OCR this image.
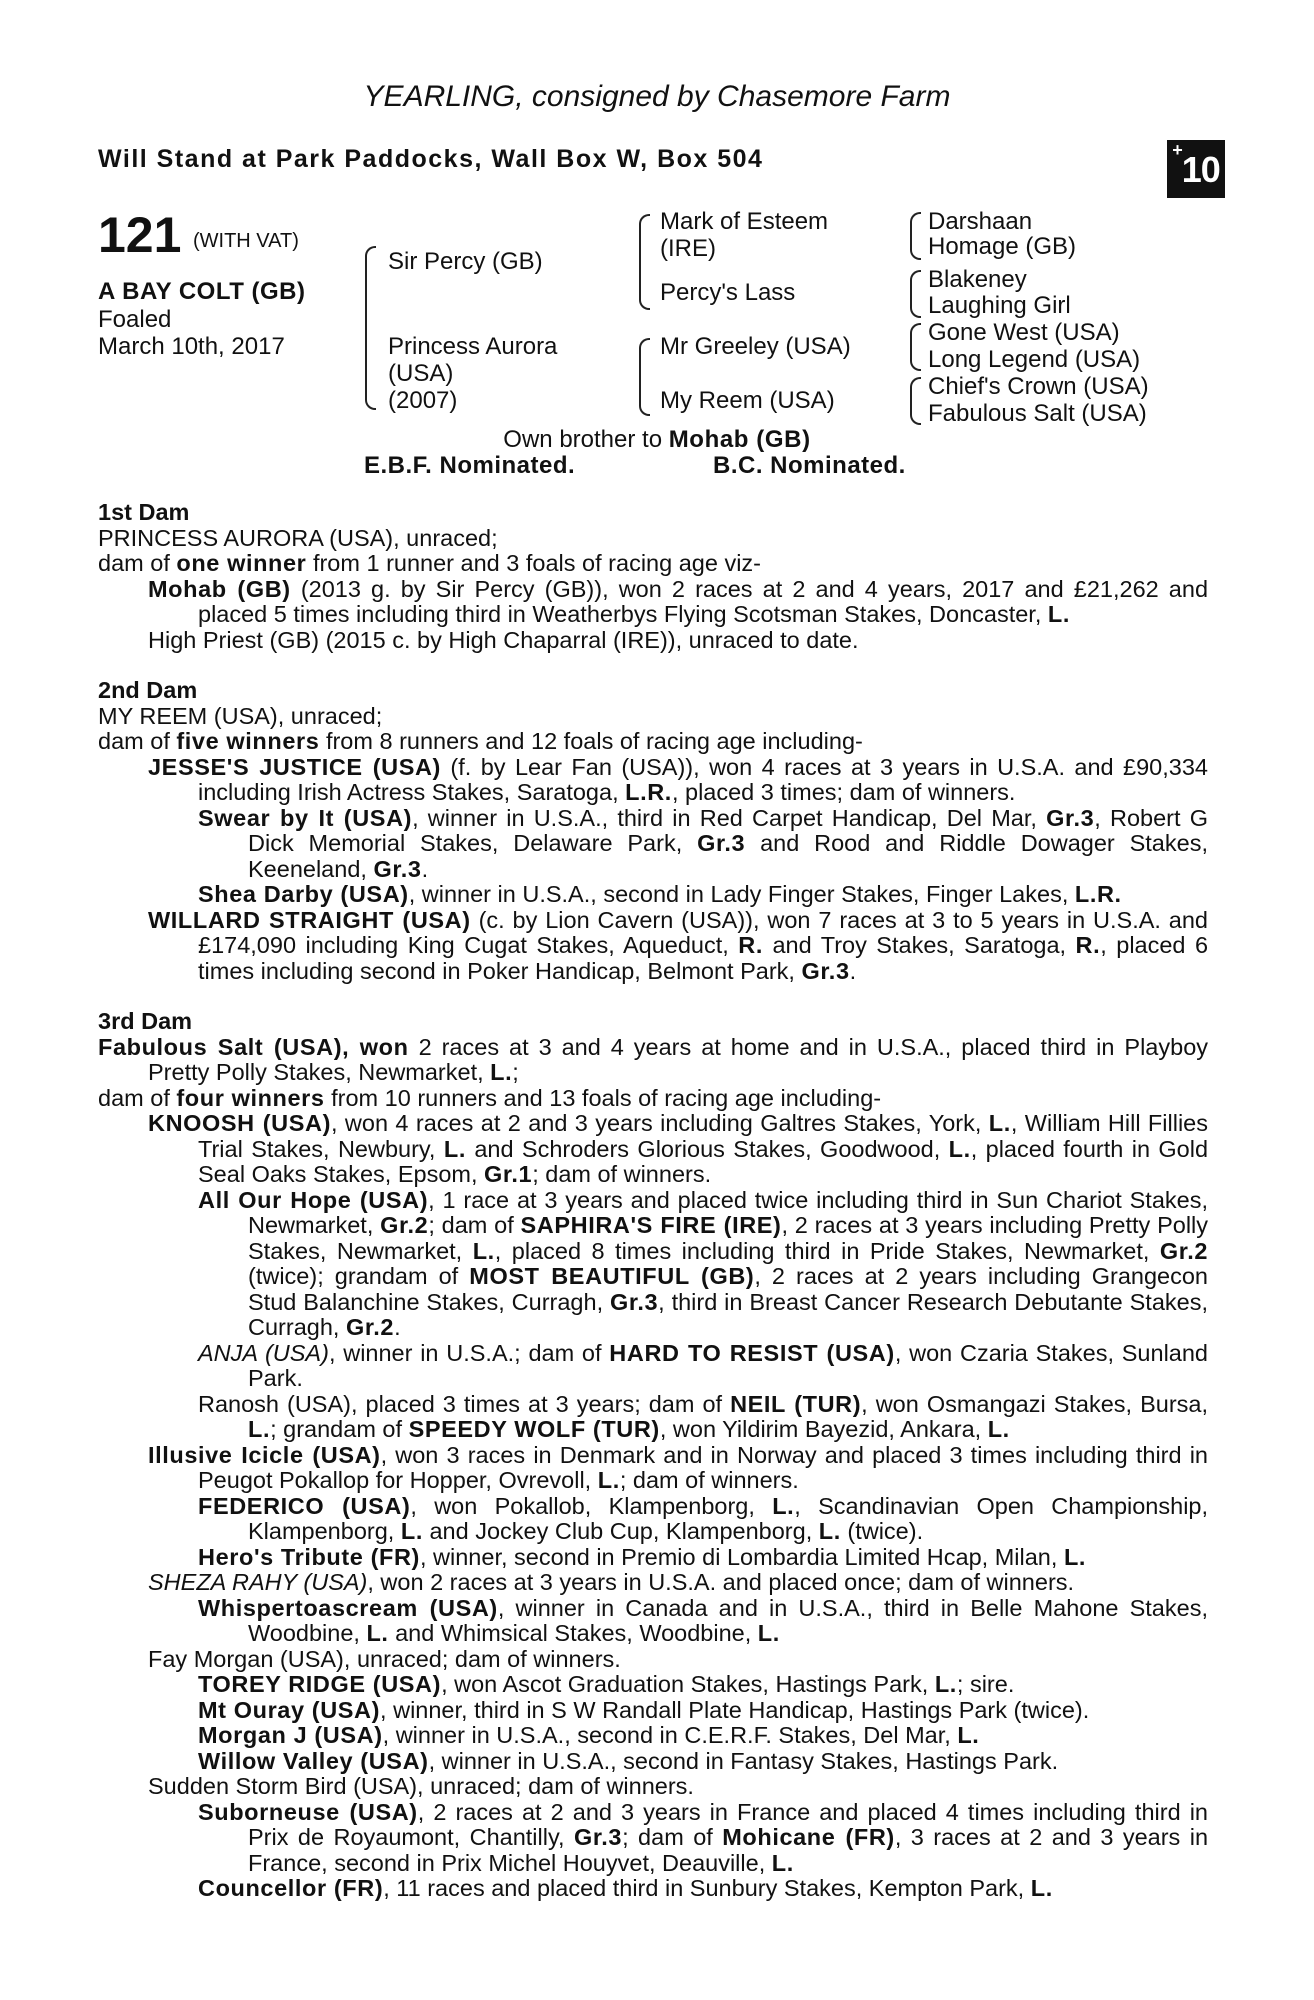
YEARLING, consigned by Chasemore Farm
Will Stand at Park Paddocks, Wall Box W, Box 504	+10
121 (WITH VAT)
A BAY COLT (GB)
Foaled
March 10th, 2017
Sir Percy (GB)
Princess Aurora
(USA)
(2007)
Mark of Esteem
(IRE)
Percy's Lass
Mr Greeley (USA)
My Reem (USA)
Darshaan
Homage (GB)
Blakeney
Laughing Girl
Gone West (USA)
Long Legend (USA)
Chief's Crown (USA)
Fabulous Salt (USA)
Own brother to Mohab (GB)
E.B.F. Nominated.	B.C. Nominated.
1st Dam
PRINCESS AURORA (USA), unraced;
dam of one winner from 1 runner and 3 foals of racing age viz-
Mohab (GB) (2013 g. by Sir Percy (GB)), won 2 races at 2 and 4 years, 2017 and £21,262 and placed 5 times including third in Weatherbys Flying Scotsman Stakes, Doncaster, L.
High Priest (GB) (2015 c. by High Chaparral (IRE)), unraced to date.
2nd Dam
MY REEM (USA), unraced;
dam of five winners from 8 runners and 12 foals of racing age including-
JESSE'S JUSTICE (USA) (f. by Lear Fan (USA)), won 4 races at 3 years in U.S.A. and £90,334 including Irish Actress Stakes, Saratoga, L.R., placed 3 times; dam of winners.
Swear by It (USA), winner in U.S.A., third in Red Carpet Handicap, Del Mar, Gr.3, Robert G Dick Memorial Stakes, Delaware Park, Gr.3 and Rood and Riddle Dowager Stakes, Keeneland, Gr.3.
Shea Darby (USA), winner in U.S.A., second in Lady Finger Stakes, Finger Lakes, L.R.
WILLARD STRAIGHT (USA) (c. by Lion Cavern (USA)), won 7 races at 3 to 5 years in U.S.A. and £174,090 including King Cugat Stakes, Aqueduct, R. and Troy Stakes, Saratoga, R., placed 6 times including second in Poker Handicap, Belmont Park, Gr.3.
3rd Dam
Fabulous Salt (USA), won 2 races at 3 and 4 years at home and in U.S.A., placed third in Playboy Pretty Polly Stakes, Newmarket, L.;
dam of four winners from 10 runners and 13 foals of racing age including-
KNOOSH (USA), won 4 races at 2 and 3 years including Galtres Stakes, York, L., William Hill Fillies Trial Stakes, Newbury, L. and Schroders Glorious Stakes, Goodwood, L., placed fourth in Gold Seal Oaks Stakes, Epsom, Gr.1; dam of winners.
All Our Hope (USA), 1 race at 3 years and placed twice including third in Sun Chariot Stakes, Newmarket, Gr.2; dam of SAPHIRA'S FIRE (IRE), 2 races at 3 years including Pretty Polly Stakes, Newmarket, L., placed 8 times including third in Pride Stakes, Newmarket, Gr.2 (twice); grandam of MOST BEAUTIFUL (GB), 2 races at 2 years including Grangecon Stud Balanchine Stakes, Curragh, Gr.3, third in Breast Cancer Research Debutante Stakes, Curragh, Gr.2.
ANJA (USA), winner in U.S.A.; dam of HARD TO RESIST (USA), won Czaria Stakes, Sunland Park.
Ranosh (USA), placed 3 times at 3 years; dam of NEIL (TUR), won Osmangazi Stakes, Bursa, L.; grandam of SPEEDY WOLF (TUR), won Yildirim Bayezid, Ankara, L.
Illusive Icicle (USA), won 3 races in Denmark and in Norway and placed 3 times including third in Peugot Pokallop for Hopper, Ovrevoll, L.; dam of winners.
FEDERICO (USA), won Pokallob, Klampenborg, L., Scandinavian Open Championship, Klampenborg, L. and Jockey Club Cup, Klampenborg, L. (twice).
Hero's Tribute (FR), winner, second in Premio di Lombardia Limited Hcap, Milan, L.
SHEZA RAHY (USA), won 2 races at 3 years in U.S.A. and placed once; dam of winners.
Whispertoascream (USA), winner in Canada and in U.S.A., third in Belle Mahone Stakes, Woodbine, L. and Whimsical Stakes, Woodbine, L.
Fay Morgan (USA), unraced; dam of winners.
TOREY RIDGE (USA), won Ascot Graduation Stakes, Hastings Park, L.; sire.
Mt Ouray (USA), winner, third in S W Randall Plate Handicap, Hastings Park (twice).
Morgan J (USA), winner in U.S.A., second in C.E.R.F. Stakes, Del Mar, L.
Willow Valley (USA), winner in U.S.A., second in Fantasy Stakes, Hastings Park.
Sudden Storm Bird (USA), unraced; dam of winners.
Suborneuse (USA), 2 races at 2 and 3 years in France and placed 4 times including third in Prix de Royaumont, Chantilly, Gr.3; dam of Mohicane (FR), 3 races at 2 and 3 years in France, second in Prix Michel Houyvet, Deauville, L.
Councellor (FR), 11 races and placed third in Sunbury Stakes, Kempton Park, L.
